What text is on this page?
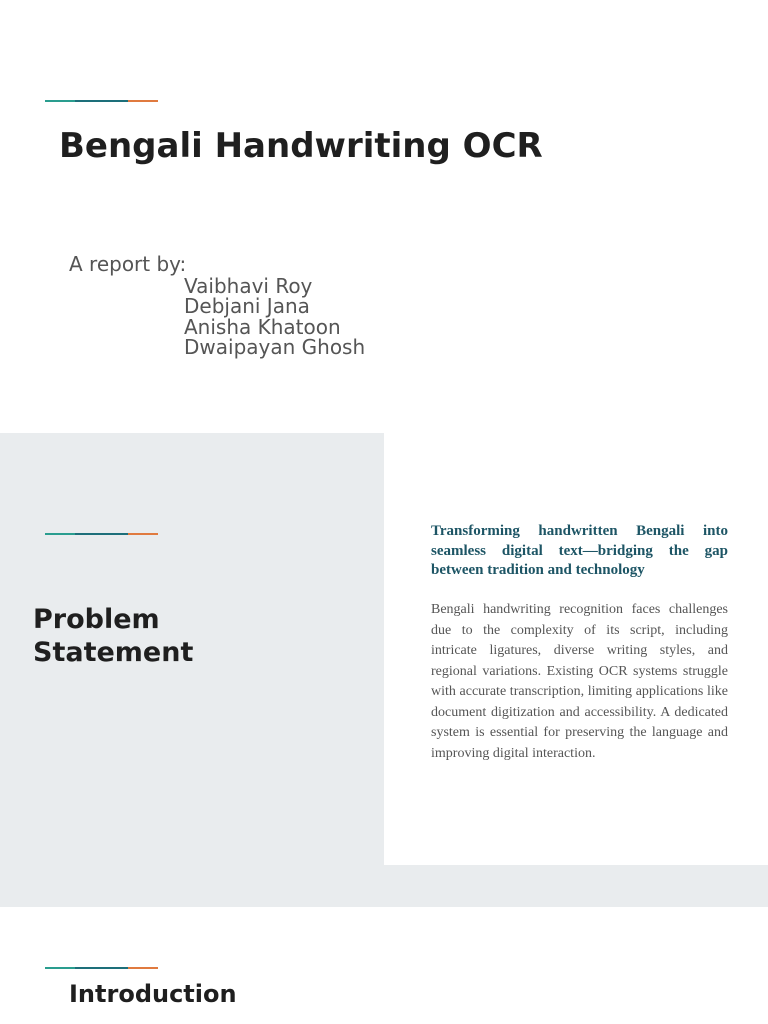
Bengali Handwriting OCR
A report by:
Vaibhavi Roy
Debjani Jana
Anisha Khatoon
Dwaipayan Ghosh
Problem
Statement

Transforming handwritten Bengali into seamless digital text—bridging the gap between tradition and technology

Bengali handwriting recognition faces challenges due to the complexity of its script, including intricate ligatures, diverse writing styles, and regional variations. Existing OCR systems struggle with accurate transcription, limiting applications like document digitization and accessibility. A dedicated system is essential for preserving the language and improving digital interaction.

Introduction
